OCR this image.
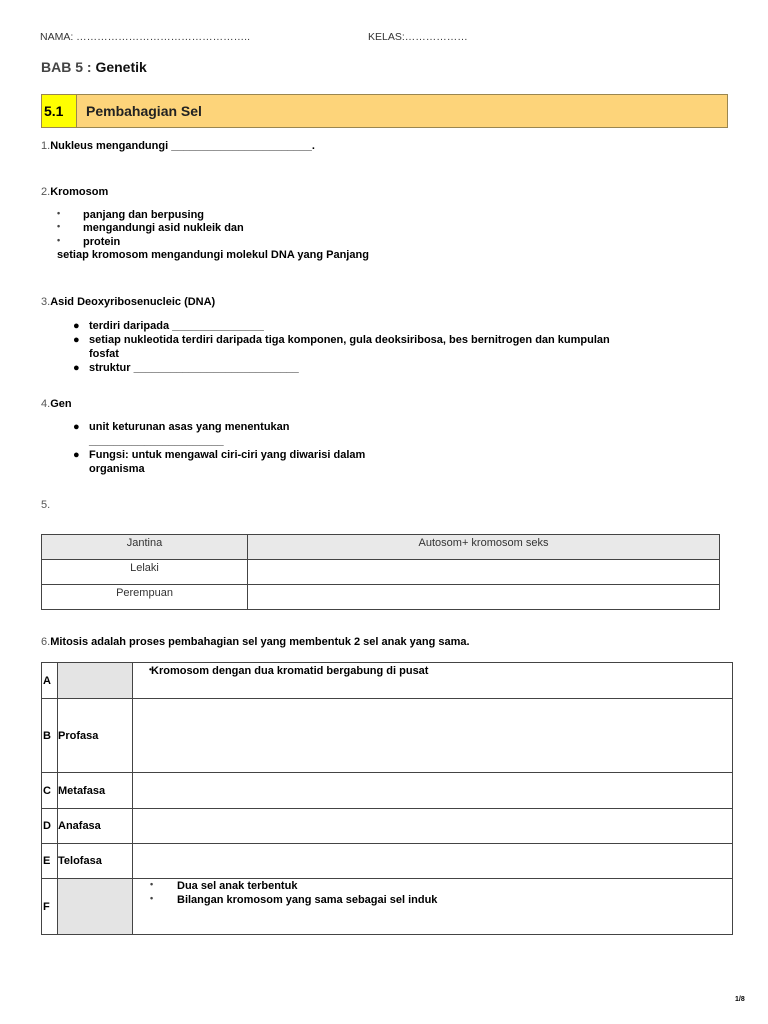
NAMA: …………………………………………..	KELAS:………………
BAB 5 : Genetik
5.1	Pembahagian Sel
1.Nukleus mengandungi _______________________.
2.Kromosom
• panjang dan berpusing
• mengandungi asid nukleik dan
• protein
setiap kromosom mengandungi molekul DNA yang Panjang
3.Asid Deoxyribosenucleic (DNA)
● terdiri daripada _______________
● setiap nukleotida terdiri daripada tiga komponen, gula deoksiribosa, bes bernitrogen dan kumpulan
fosfat
● struktur ___________________________
4.Gen
● unit keturunan asas yang menentukan
______________________
● Fungsi: untuk mengawal ciri-ciri yang diwarisi dalam
organisma
5.
Jantina	Autosom+ kromosom seks
Lelaki	
Perempuan	
6.Mitosis adalah proses pembahagian sel yang membentuk 2 sel anak yang sama.
A		• Kromosom dengan dua kromatid bergabung di pusat
B	Profasa	
C	Metafasa	
D	Anafasa	
E	Telofasa	
F		• Dua sel anak terbentuk
• Bilangan kromosom yang sama sebagai sel induk
1/8
